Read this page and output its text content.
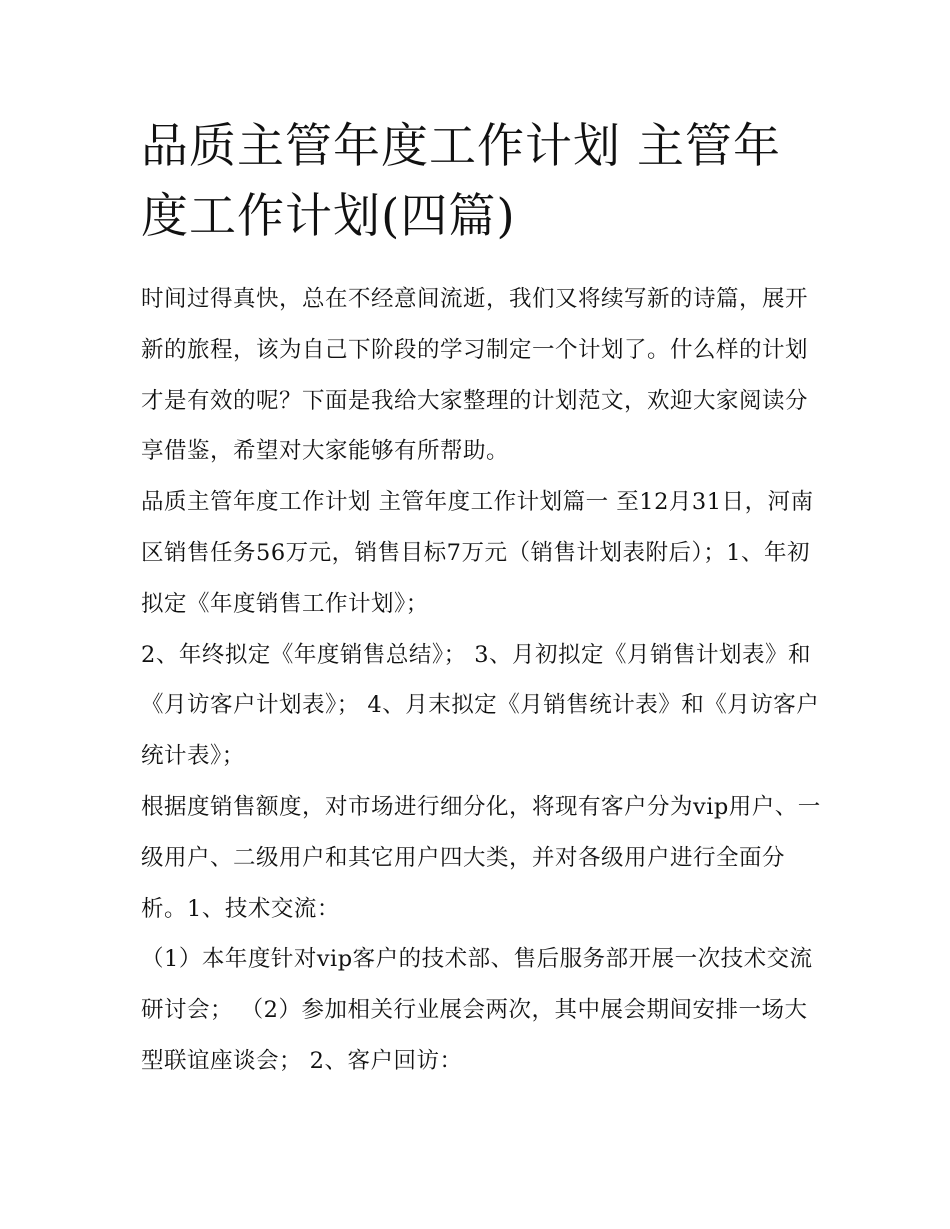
品质主管年度工作计划 主管年度工作计划(四篇)

时间过得真快，总在不经意间流逝，我们又将续写新的诗篇，展开新的旅程，该为自己下阶段的学习制定一个计划了。什么样的计划才是有效的呢？下面是我给大家整理的计划范文，欢迎大家阅读分享借鉴，希望对大家能够有所帮助。

品质主管年度工作计划 主管年度工作计划篇一 至12月31日，河南区销售任务56万元，销售目标7万元（销售计划表附后）；1、年初拟定《年度销售工作计划》；

2、年终拟定《年度销售总结》； 3、月初拟定《月销售计划表》和《月访客户计划表》； 4、月末拟定《月销售统计表》和《月访客户统计表》；

根据度销售额度，对市场进行细分化，将现有客户分为vip用户、一级用户、二级用户和其它用户四大类，并对各级用户进行全面分析。1、技术交流：

（1）本年度针对vip客户的技术部、售后服务部开展一次技术交流研讨会； （2）参加相关行业展会两次，其中展会期间安排一场大型联谊座谈会； 2、客户回访：
